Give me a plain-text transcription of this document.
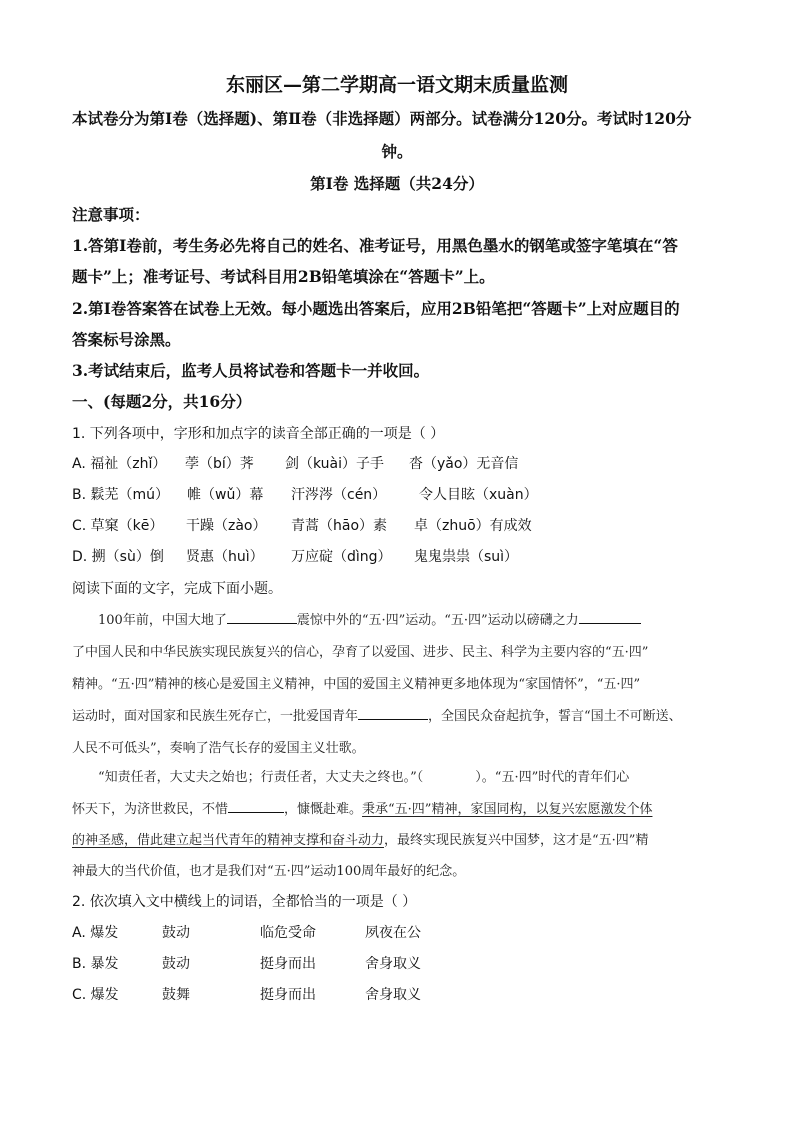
东丽区—第二学期高一语文期末质量监测
本试卷分为第Ⅰ卷（选择题)、第Ⅱ卷（非选择题）两部分。试卷满分120分。考试时120分
钟。
第Ⅰ卷 选择题（共24分）
注意事项：
1.答第Ⅰ卷前，考生务必先将自己的姓名、准考证号，用黑色墨水的钢笔或签字笔填在“答
题卡”上；准考证号、考试科目用2B铅笔填涂在“答题卡”上。
2.第Ⅰ卷答案答在试卷上无效。每小题选出答案后，应用2B铅笔把“答题卡”上对应题目的
答案标号涂黑。
3.考试结束后，监考人员将试卷和答题卡一并收回。
一、(每题2分，共16分）
1. 下列各项中，字形和加点字的读音全部正确的一项是（ ）
A. 福祉（zhǐ） 荸（bí）荠 剑（kuài）子手 沓（yǎo）无音信
B. 鬏芜（mú） 帷（wǔ）幕 汗涔涔（cén） 令人目眩（xuàn）
C. 草窠（kē） 干躁（zào） 青蒿（hāo）素 卓（zhuō）有成效
D. 搠（sù）倒 贤惠（huì） 万应碇（dìng） 鬼鬼祟祟（suì）
阅读下面的文字，完成下面小题。
100年前，中国大地了	震惊中外的“五·四”运动。“五·四”运动以磅礴之力
了中国人民和中华民族实现民族复兴的信心，孕育了以爱国、进步、民主、科学为主要内容的“五·四”
精神。“五·四”精神的核心是爱国主义精神，中国的爱国主义精神更多地体现为“家国情怀”，“五·四”
运动时，面对国家和民族生死存亡，一批爱国青年	，全国民众奋起抗争，誓言“国土不可断送、
人民不可低头”，奏响了浩气长存的爱国主义壮歌。
“知责任者，大丈夫之始也；行责任者，大丈夫之终也。”（	）。“五·四”时代的青年们心
怀天下，为济世救民，不惜	，慷慨赴难。秉承“五·四”精神，家国同构，以复兴宏愿激发个体
的神圣感，借此建立起当代青年的精神支撑和奋斗动力，最终实现民族复兴中国梦，这才是“五·四”精
神最大的当代价值，也才是我们对“五·四”运动100周年最好的纪念。
2. 依次填入文中横线上的词语，全都恰当的一项是（ ）
A. 爆发	鼓动	临危受命	夙夜在公
B. 暴发	鼓动	挺身而出	舍身取义
C. 爆发	鼓舞	挺身而出	舍身取义
